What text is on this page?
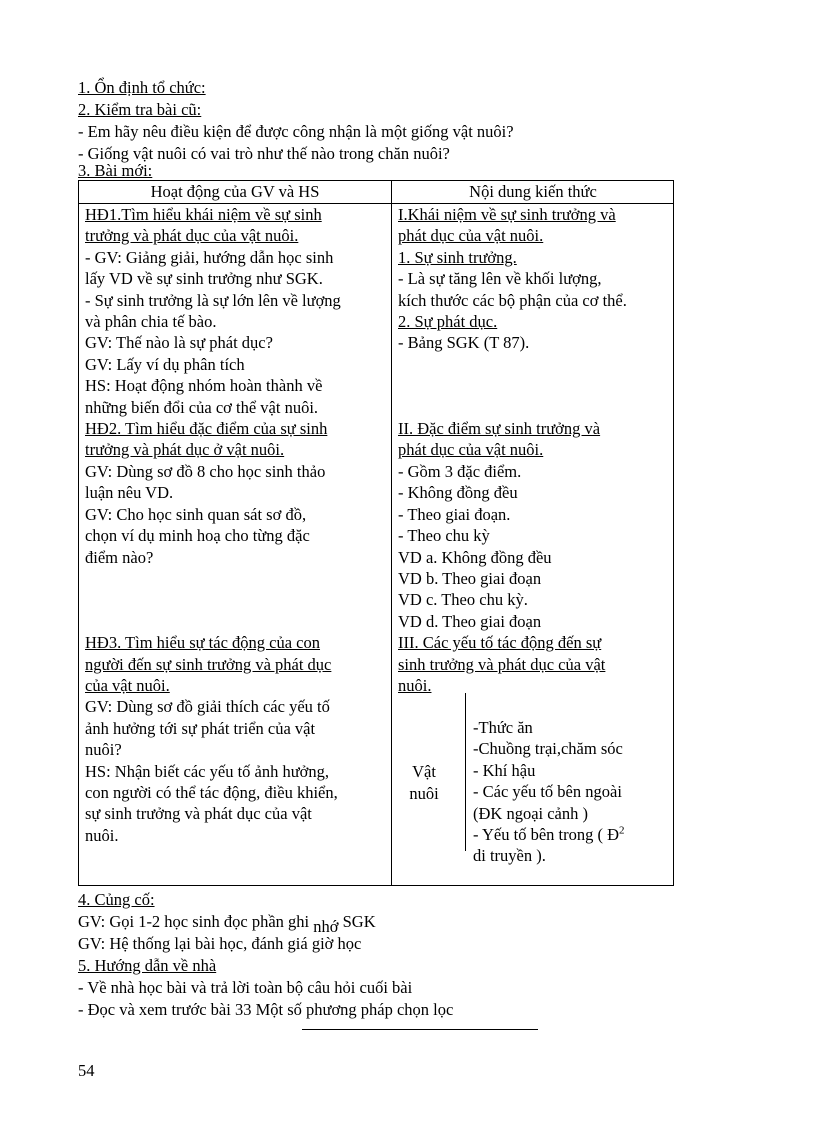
1. Ổn định tổ chức:
2. Kiểm tra bài cũ:
- Em hãy nêu điều kiện để được công nhận là một giống vật nuôi?
- Giống vật nuôi có vai trò như thế nào trong chăn nuôi?
3. Bài mới:
Hoạt động của GV và HS	Nội dung kiến thức
HĐ1.Tìm hiểu khái niệm về sự sinh
trưởng và phát dục của vật nuôi.
- GV: Giảng giải, hướng dẫn học sinh
lấy VD về sự sinh trưởng như SGK.
- Sự sinh trưởng là sự lớn lên về lượng
và phân chia tế bào.
GV: Thế nào là sự phát dục?
GV: Lấy ví dụ phân tích
HS: Hoạt động nhóm hoàn thành về
những biến đổi của cơ thể vật nuôi.
HĐ2. Tìm hiểu đặc điểm của sự sinh
trưởng và phát dục ở vật nuôi.
GV: Dùng sơ đồ 8 cho học sinh thảo
luận nêu VD.
GV: Cho học sinh quan sát sơ đồ,
chọn ví dụ minh hoạ cho từng đặc
điểm nào?

HĐ3. Tìm hiểu sự tác động của con
người đến sự sinh trưởng và phát dục
của vật nuôi.
GV: Dùng sơ đồ giải thích các yếu tố
ảnh hưởng tới sự phát triển của vật
nuôi?
HS: Nhận biết các yếu tố ảnh hưởng,
con người có thể tác động, điều khiển,
sự sinh trưởng và phát dục của vật
nuôi.
I.Khái niệm về sự sinh trưởng và
phát dục của vật nuôi.
1. Sự sinh trưởng.
- Là sự tăng lên về khối lượng,
kích thước các bộ phận của cơ thể.
2. Sự phát dục.
- Bảng SGK (T 87).

II. Đặc điểm sự sinh trưởng và
phát dục của vật nuôi.
- Gồm 3 đặc điểm.
- Không đồng đều
- Theo giai đoạn.
- Theo chu kỳ
VD a. Không đồng đều
VD b. Theo giai đoạn
VD c. Theo chu kỳ.
VD d. Theo giai đoạn
III. Các yếu tố tác động đến sự
sinh trưởng và phát dục của vật
nuôi.
Vật
nuôi
-Thức ăn
-Chuồng trại,chăm sóc
- Khí hậu
- Các yếu tố bên ngoài
(ĐK ngoại cảnh )
- Yếu tố bên trong ( $Đ^2$
di truyền ).
4. Củng cố:
GV: Gọi 1-2 học sinh đọc phần ghi nhớ SGK
GV: Hệ thống lại bài học, đánh giá giờ học
5. Hướng dẫn về nhà
- Về nhà học bài và trả lời toàn bộ câu hỏi cuối bài
- Đọc và xem trước bài 33 Một số phương pháp chọn lọc
54
